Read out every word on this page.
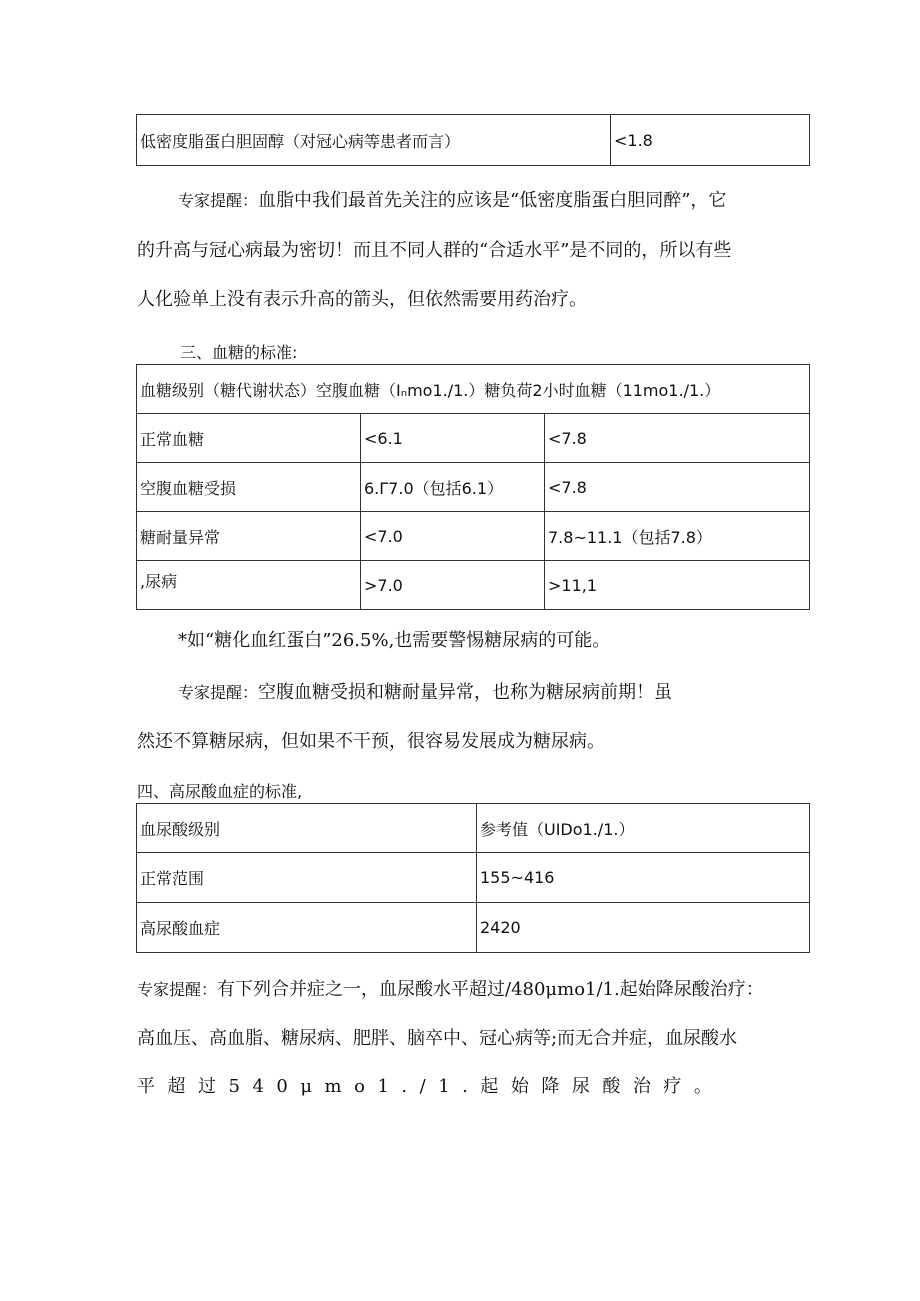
低密度脂蛋白胆固醇（对冠心病等患者而言）	<1.8
专家提醒：血脂中我们最首先关注的应该是“低密度脂蛋白胆同醉”，它
的升高与冠心病最为密切！而且不同人群的“合适水平”是不同的，所以有些
人化验单上没有表示升高的箭头，但依然需要用药治疗。
三、血糖的标准:
血糖级别（糖代谢状态）空腹血糖（Iₙmo1./1.）糖负荷2小时血糖（11mo1./1.）		
正常血糖	<6.1	<7.8
空腹血糖受损	6.Γ7.0（包括6.1）	<7.8
糖耐量异常	<7.0	7.8~11.1（包括7.8）
,尿病	>7.0	>11,1
*如“糖化血红蛋白”26.5%,也需要警惕糖尿病的可能。
专家提醒：空腹血糖受损和糖耐量异常，也称为糖尿病前期！虽
然还不算糖尿病，但如果不干预，很容易发展成为糖尿病。
四、高尿酸血症的标准,
血尿酸级别	参考值（UIDo1./1.）
正常范围	155~416
高尿酸血症	2420
专家提醒：有下列合并症之一，血尿酸水平超过/480μmo1/1.起始降尿酸治疗：
高血压、高血脂、糖尿病、肥胖、脑卒中、冠心病等;而无合并症，血尿酸水
平超过540μmo1./1.起始降尿酸治疗。
